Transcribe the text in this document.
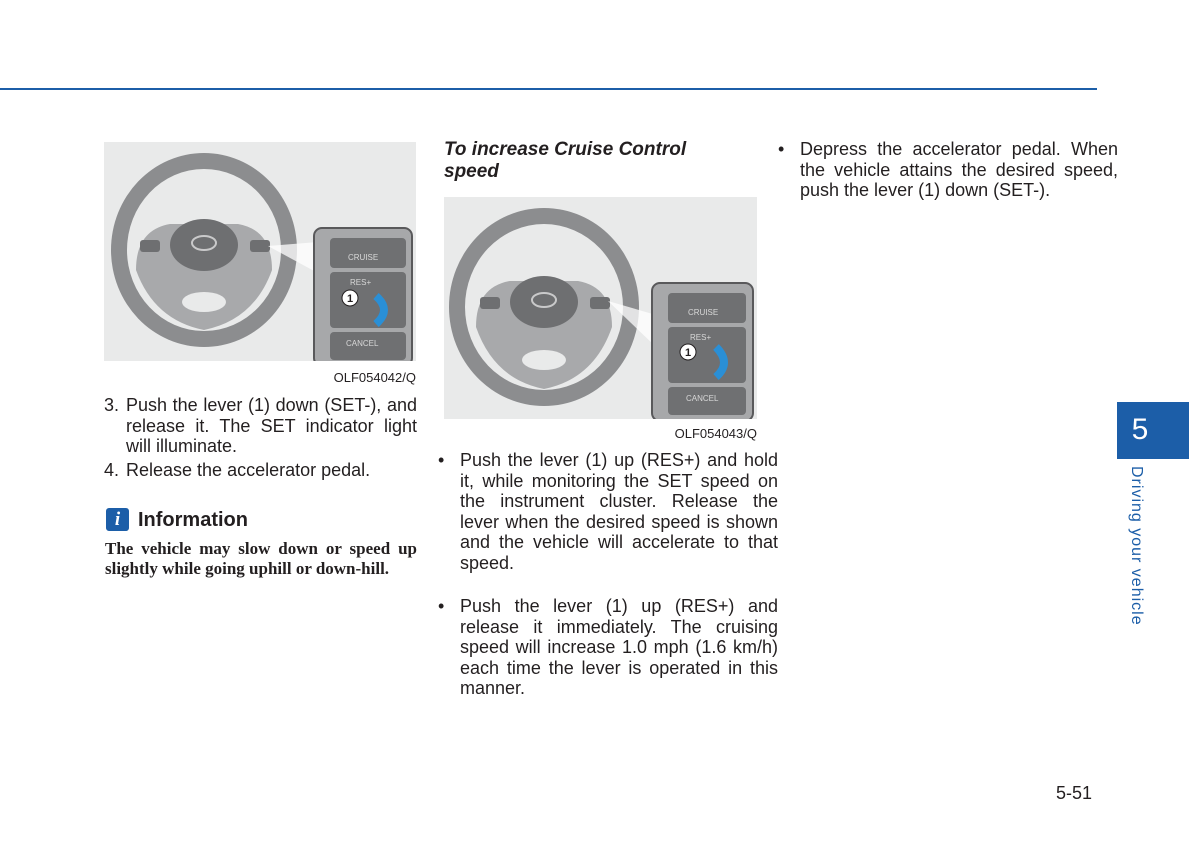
CRUISE
RES+
CANCEL
1
OLF054042/Q
3. Push the lever (1) down (SET-), and release it. The SET indicator light will illuminate.
4. Release the accelerator pedal.
i Information
The vehicle may slow down or speed up slightly while going uphill or down-hill.
To increase Cruise Control speed
CRUISE
RES+
CANCEL
1
OLF054043/Q
• Push the lever (1) up (RES+) and hold it, while monitoring the SET speed on the instrument cluster. Release the lever when the desired speed is shown and the vehicle will accelerate to that speed.
• Push the lever (1) up (RES+) and release it immediately. The cruising speed will increase 1.0 mph (1.6 km/h) each time the lever is operated in this manner.
• Depress the accelerator pedal. When the vehicle attains the desired speed, push the lever (1) down (SET-).
5
Driving your vehicle
5-51
